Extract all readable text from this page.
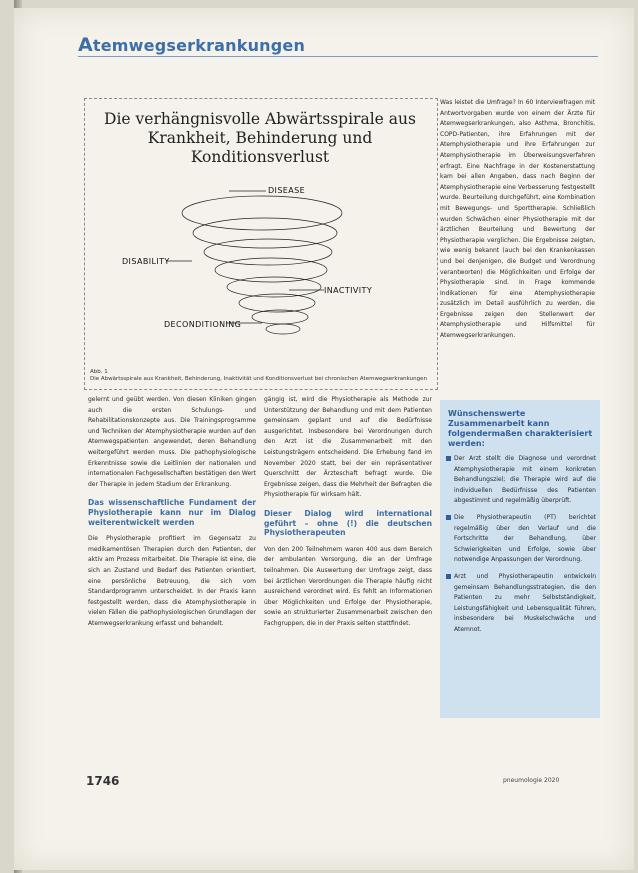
Atemwegserkrankungen
Die verhängnisvolle Abwärtsspirale aus
Krankheit, Behinderung und
Konditionsverlust
DISEASE
DISABILITY
INACTIVITY
DECONDITIONING
Abb. 1
Die Abwärtsspirale aus Krankheit, Behinderung, Inaktivität und Konditionsverlust bei chronischen Atemwegserkrankungen

Was leistet die Umfrage? In 60 Interviewfragen mit Antwortvorgaben wurde von einem der Ärzte für Atemwegserkrankungen, also Asthma, Bronchitis, COPD-Patienten, ihre Erfahrungen mit der Atemphysiotherapie und ihre Erfahrungen zur Atemphysiotherapie im Überweisungsverfahren erfragt. Eine Nachfrage in der Kostenerstattung kam bei allen Angaben, dass nach Beginn der Atemphysiotherapie eine Verbesserung festgestellt wurde. Beurteilung durchgeführt, eine Kombination mit Bewegungs- und Sporttherapie. Schließlich wurden Schwächen einer Physiotherapie mit der ärztlichen Beurteilung und Bewertung der Physiotherapie verglichen. Die Ergebnisse zeigten, wie wenig bekannt (auch bei den Krankenkassen und bei denjenigen, die Budget und Verordnung verantworten) die Möglichkeiten und Erfolge der Physiotherapie sind. In Frage kommende Indikationen für eine Atemphysiotherapie zusätzlich im Detail ausführlich zu werden, die Ergebnisse zeigen den Stellenwert der Atemphysiotherapie und Hilfsmittel für Atemwegserkrankungen.

gelernt und geübt werden. Von diesen Kliniken gingen auch die ersten Schulungs- und Rehabilitationskonzepte aus. Die Trainingsprogramme und Techniken der Atemphysiotherapie wurden auf den Atemwegspatienten angewendet, deren Behandlung weitergeführt werden muss. Die pathophysiologische Erkenntnisse sowie die Leitlinien der nationalen und internationalen Fachgesellschaften bestätigen den Wert der Therapie in jedem Stadium der Erkrankung.

Das wissenschaftliche Fundament der Physiotherapie kann nur im Dialog weiterentwickelt werden

Die Physiotherapie profitiert im Gegensatz zu medikamentösen Therapien durch den Patienten, der aktiv am Prozess mitarbeitet. Die Therapie ist eine, die sich an Zustand und Bedarf des Patienten orientiert, eine persönliche Betreuung, die sich vom Standardprogramm unterscheidet. In der Praxis kann festgestellt werden, dass die Atemphysiotherapie in vielen Fällen die pathophysiologischen Grundlagen der Atemwegserkrankung erfasst und behandelt.

gängig ist, wird die Physiotherapie als Methode zur Unterstützung der Behandlung und mit dem Patienten gemeinsam geplant und auf die Bedürfnisse ausgerichtet. Insbesondere bei Verordnungen durch den Arzt ist die Zusammenarbeit mit den Leistungsträgern entscheidend. Die Erhebung fand im November 2020 statt, bei der ein repräsentativer Querschnitt der Ärzteschaft befragt wurde. Die Ergebnisse zeigen, dass die Mehrheit der Befragten die Physiotherapie für wirksam hält.

Dieser Dialog wird international geführt – ohne (!) die deutschen Physiotherapeuten

Von den 200 Teilnehmern waren 400 aus dem Bereich der ambulanten Versorgung, die an der Umfrage teilnahmen. Die Auswertung der Umfrage zeigt, dass bei ärztlichen Verordnungen die Therapie häufig nicht ausreichend verordnet wird. Es fehlt an Informationen über Möglichkeiten und Erfolge der Physiotherapie, sowie an strukturierter Zusammenarbeit zwischen den Fachgruppen, die in der Praxis selten stattfindet.

Wünschenswerte Zusammenarbeit kann folgendermaßen charakterisiert werden:
Der Arzt stellt die Diagnose und verordnet Atemphysiotherapie mit einem konkreten Behandlungsziel; die Therapie wird auf die individuellen Bedürfnisse des Patienten abgestimmt und regelmäßig überprüft.
Die Physiotherapeutin (PT) berichtet regelmäßig über den Verlauf und die Fortschritte der Behandlung, über Schwierigkeiten und Erfolge, sowie über notwendige Anpassungen der Verordnung.
Arzt und Physiotherapeutin entwickeln gemeinsam Behandlungsstrategien, die den Patienten zu mehr Selbstständigkeit, Leistungsfähigkeit und Lebensqualität führen, insbesondere bei Muskelschwäche und Atemnot.
1746	pneumologie 2020
